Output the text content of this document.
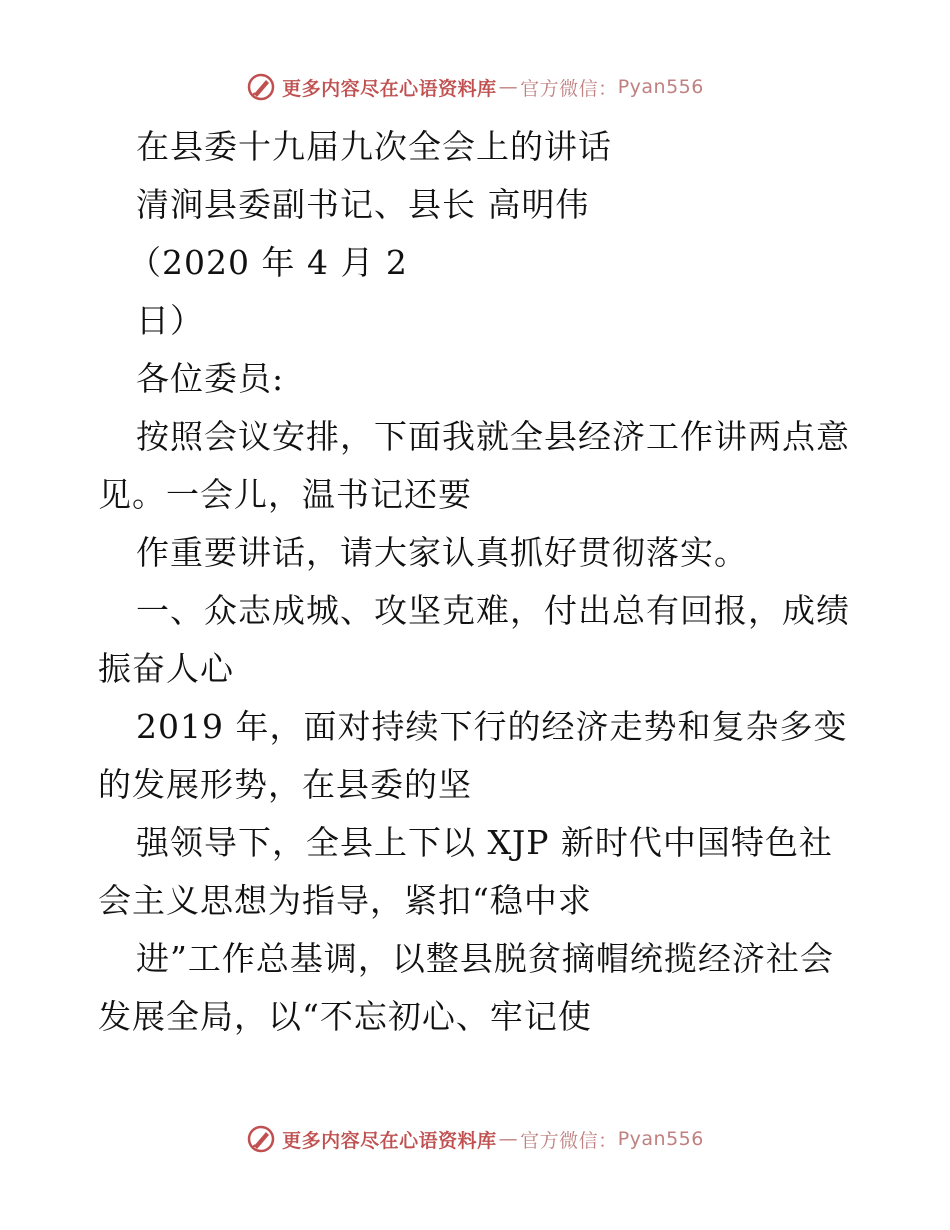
更多内容尽在心语资料库 — 官方微信： Pyan556
在县委十九届九次全会上的讲话
清涧县委副书记、县长 高明伟
（2020 年 4 月 2
日）
各位委员:
按照会议安排，下面我就全县经济工作讲两点意
见。一会儿，温书记还要
作重要讲话，请大家认真抓好贯彻落实。
一、众志成城、攻坚克难，付出总有回报，成绩
振奋人心
2019 年，面对持续下行的经济走势和复杂多变
的发展形势，在县委的坚
强领导下，全县上下以 XJP 新时代中国特色社
会主义思想为指导，紧扣“稳中求
进”工作总基调，以整县脱贫摘帽统揽经济社会
发展全局，以“不忘初心、牢记使
更多内容尽在心语资料库 — 官方微信： Pyan556
